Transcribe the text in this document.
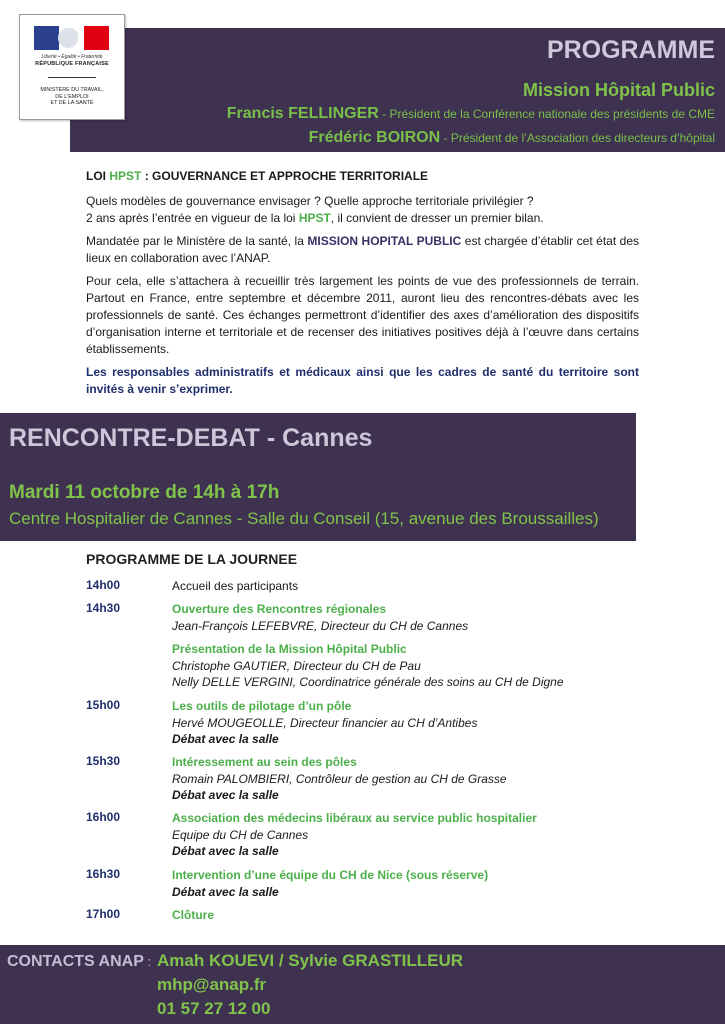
Liberté • Égalité • Fraternité
RÉPUBLIQUE FRANÇAISE
MINISTÈRE DU TRAVAIL,
DE L'EMPLOI
ET DE LA SANTÉ
PROGRAMME
Mission Hôpital Public
Francis FELLINGER - Président de la Conférence nationale des présidents de CME
Frédéric BOIRON - Président de l’Association des directeurs d’hôpital
LOI HPST : GOUVERNANCE ET APPROCHE TERRITORIALE

Quels modèles de gouvernance envisager ? Quelle approche territoriale privilégier ?
2 ans après l’entrée en vigueur de la loi HPST, il convient de dresser un premier bilan.

Mandatée par le Ministère de la santé, la MISSION HOPITAL PUBLIC est chargée d’établir cet état des lieux en collaboration avec l’ANAP.

Pour cela, elle s’attachera à recueillir très largement les points de vue des professionnels de terrain. Partout en France, entre septembre et décembre 2011, auront lieu des rencontres-débats avec les professionnels de santé. Ces échanges permettront d’identifier des axes d’amélioration des dispositifs d’organisation interne et territoriale et de recenser des initiatives positives déjà à l’œuvre dans certains établissements.

Les responsables administratifs et médicaux ainsi que les cadres de santé du territoire sont invités à venir s’exprimer.

RENCONTRE-DEBAT - Cannes
Mardi 11 octobre de 14h à 17h
Centre Hospitalier de Cannes - Salle du Conseil (15, avenue des Broussailles)
PROGRAMME DE LA JOURNEE
14h00	Accueil des participants
14h30	Ouverture des Rencontres régionales
Jean-François LEFEBVRE, Directeur du CH de Cannes
Présentation de la Mission Hôpital Public
Christophe GAUTIER, Directeur du CH de Pau
Nelly DELLE VERGINI, Coordinatrice générale des soins au CH de Digne
15h00	Les outils de pilotage d’un pôle
Hervé MOUGEOLLE, Directeur financier au CH d’Antibes
Débat avec la salle
15h30	Intéressement au sein des pôles
Romain PALOMBIERI, Contrôleur de gestion au CH de Grasse
Débat avec la salle
16h00	Association des médecins libéraux au service public hospitalier
Equipe du CH de Cannes
Débat avec la salle
16h30	Intervention d’une équipe du CH de Nice (sous réserve)
Débat avec la salle
17h00	Clôture
CONTACTS ANAP : Amah KOUEVI / Sylvie GRASTILLEUR
mhp@anap.fr
01 57 27 12 00
